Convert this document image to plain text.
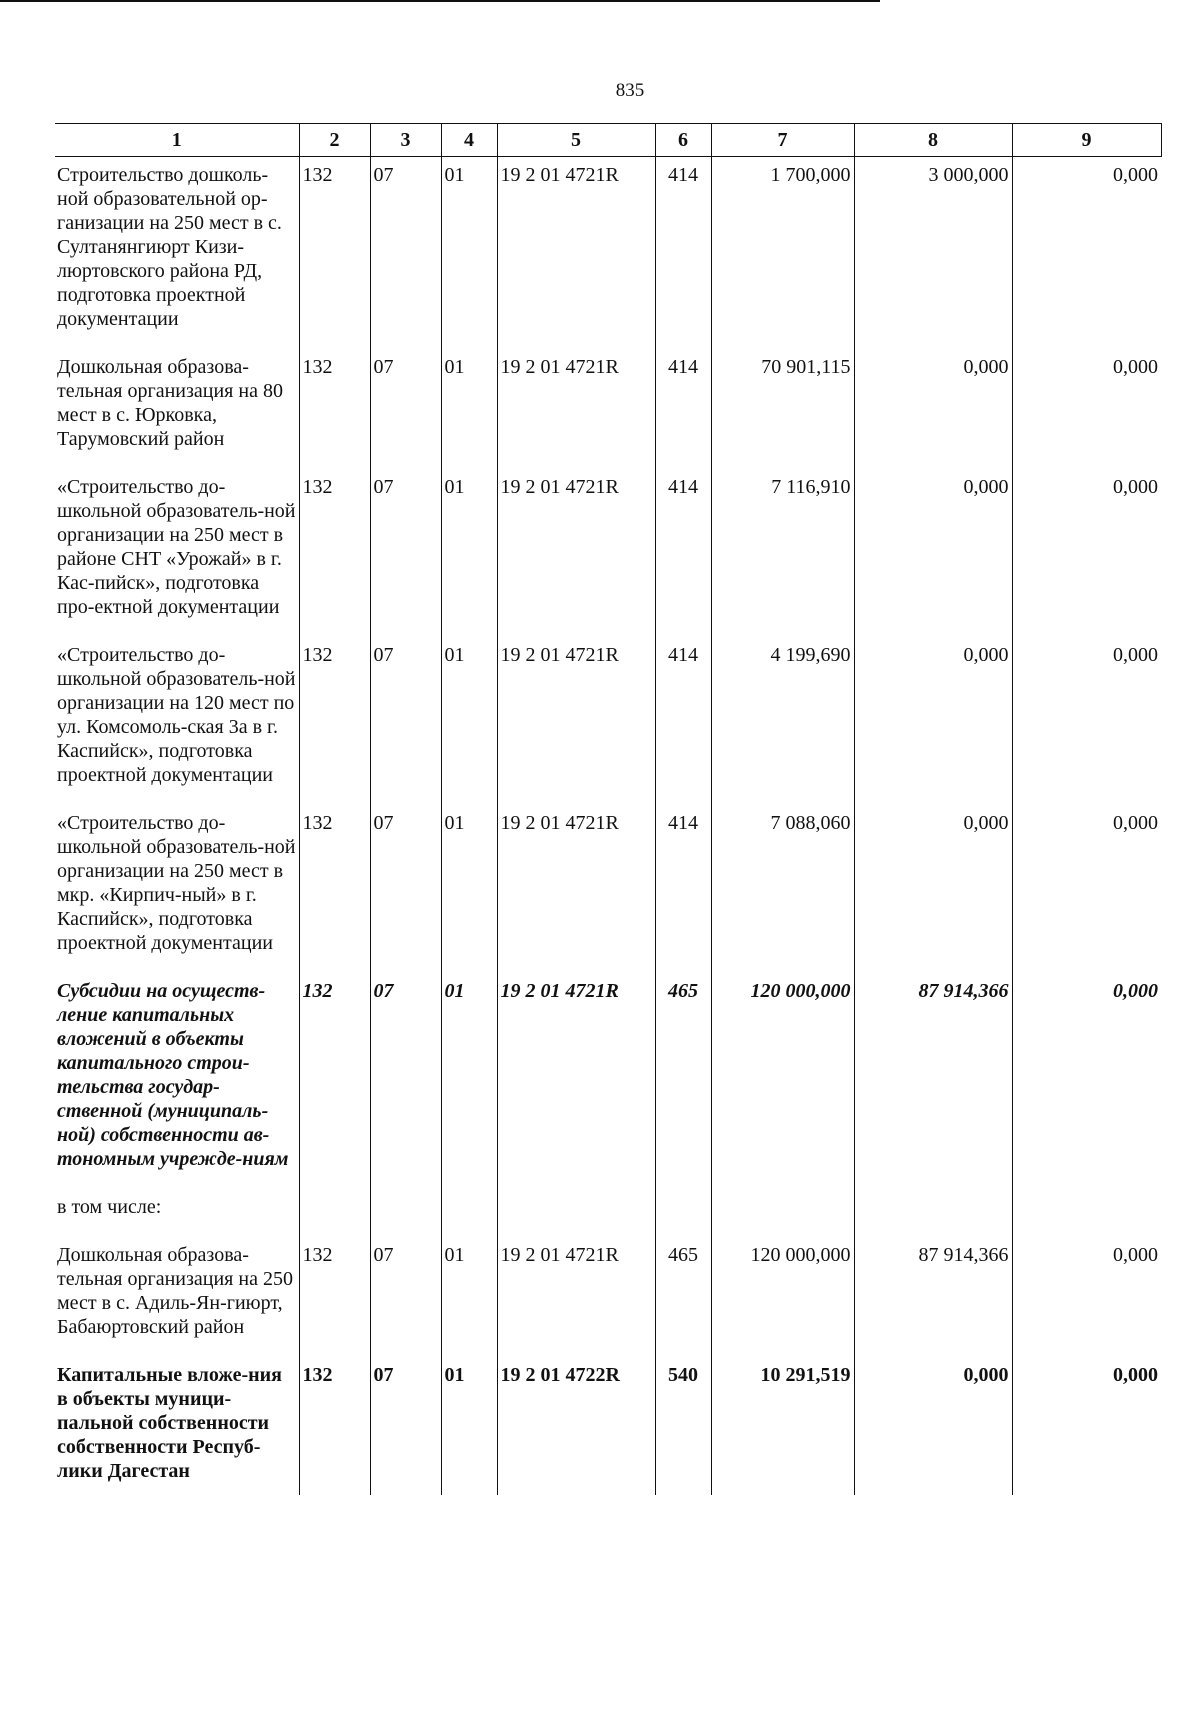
835
1	2	3	4	5	6	7	8	9
Строительство дошколь-ной образовательной ор-ганизации на 250 мест в с. Султанянгиюрт Кизи-люртовского района РД, подготовка проектной документации	132	07	01	19 2 01 4721R	414	1 700,000	3 000,000	0,000
Дошкольная образова-тельная организация на 80 мест в с. Юрковка, Тарумовский район	132	07	01	19 2 01 4721R	414	70 901,115	0,000	0,000
«Строительство до-школьной образователь-ной организации на 250 мест в районе СНТ «Урожай» в г. Кас-пийск», подготовка про-ектной документации	132	07	01	19 2 01 4721R	414	7 116,910	0,000	0,000
«Строительство до-школьной образователь-ной организации на 120 мест по ул. Комсомоль-ская 3а в г. Каспийск», подготовка проектной документации	132	07	01	19 2 01 4721R	414	4 199,690	0,000	0,000
«Строительство до-школьной образователь-ной организации на 250 мест в мкр. «Кирпич-ный» в г. Каспийск», подготовка проектной документации	132	07	01	19 2 01 4721R	414	7 088,060	0,000	0,000
Субсидии на осуществ-ление капитальных вложений в объекты капитального строи-тельства государ-ственной (муниципаль-ной) собственности ав-тономным учрежде-ниям	132	07	01	19 2 01 4721R	465	120 000,000	87 914,366	0,000
в том числе:								
Дошкольная образова-тельная организация на 250 мест в с. Адиль-Ян-гиюрт, Бабаюртовский район	132	07	01	19 2 01 4721R	465	120 000,000	87 914,366	0,000
Капитальные вложе-ния в объекты муници-пальной собственности собственности Респуб-лики Дагестан	132	07	01	19 2 01 4722R	540	10 291,519	0,000	0,000
